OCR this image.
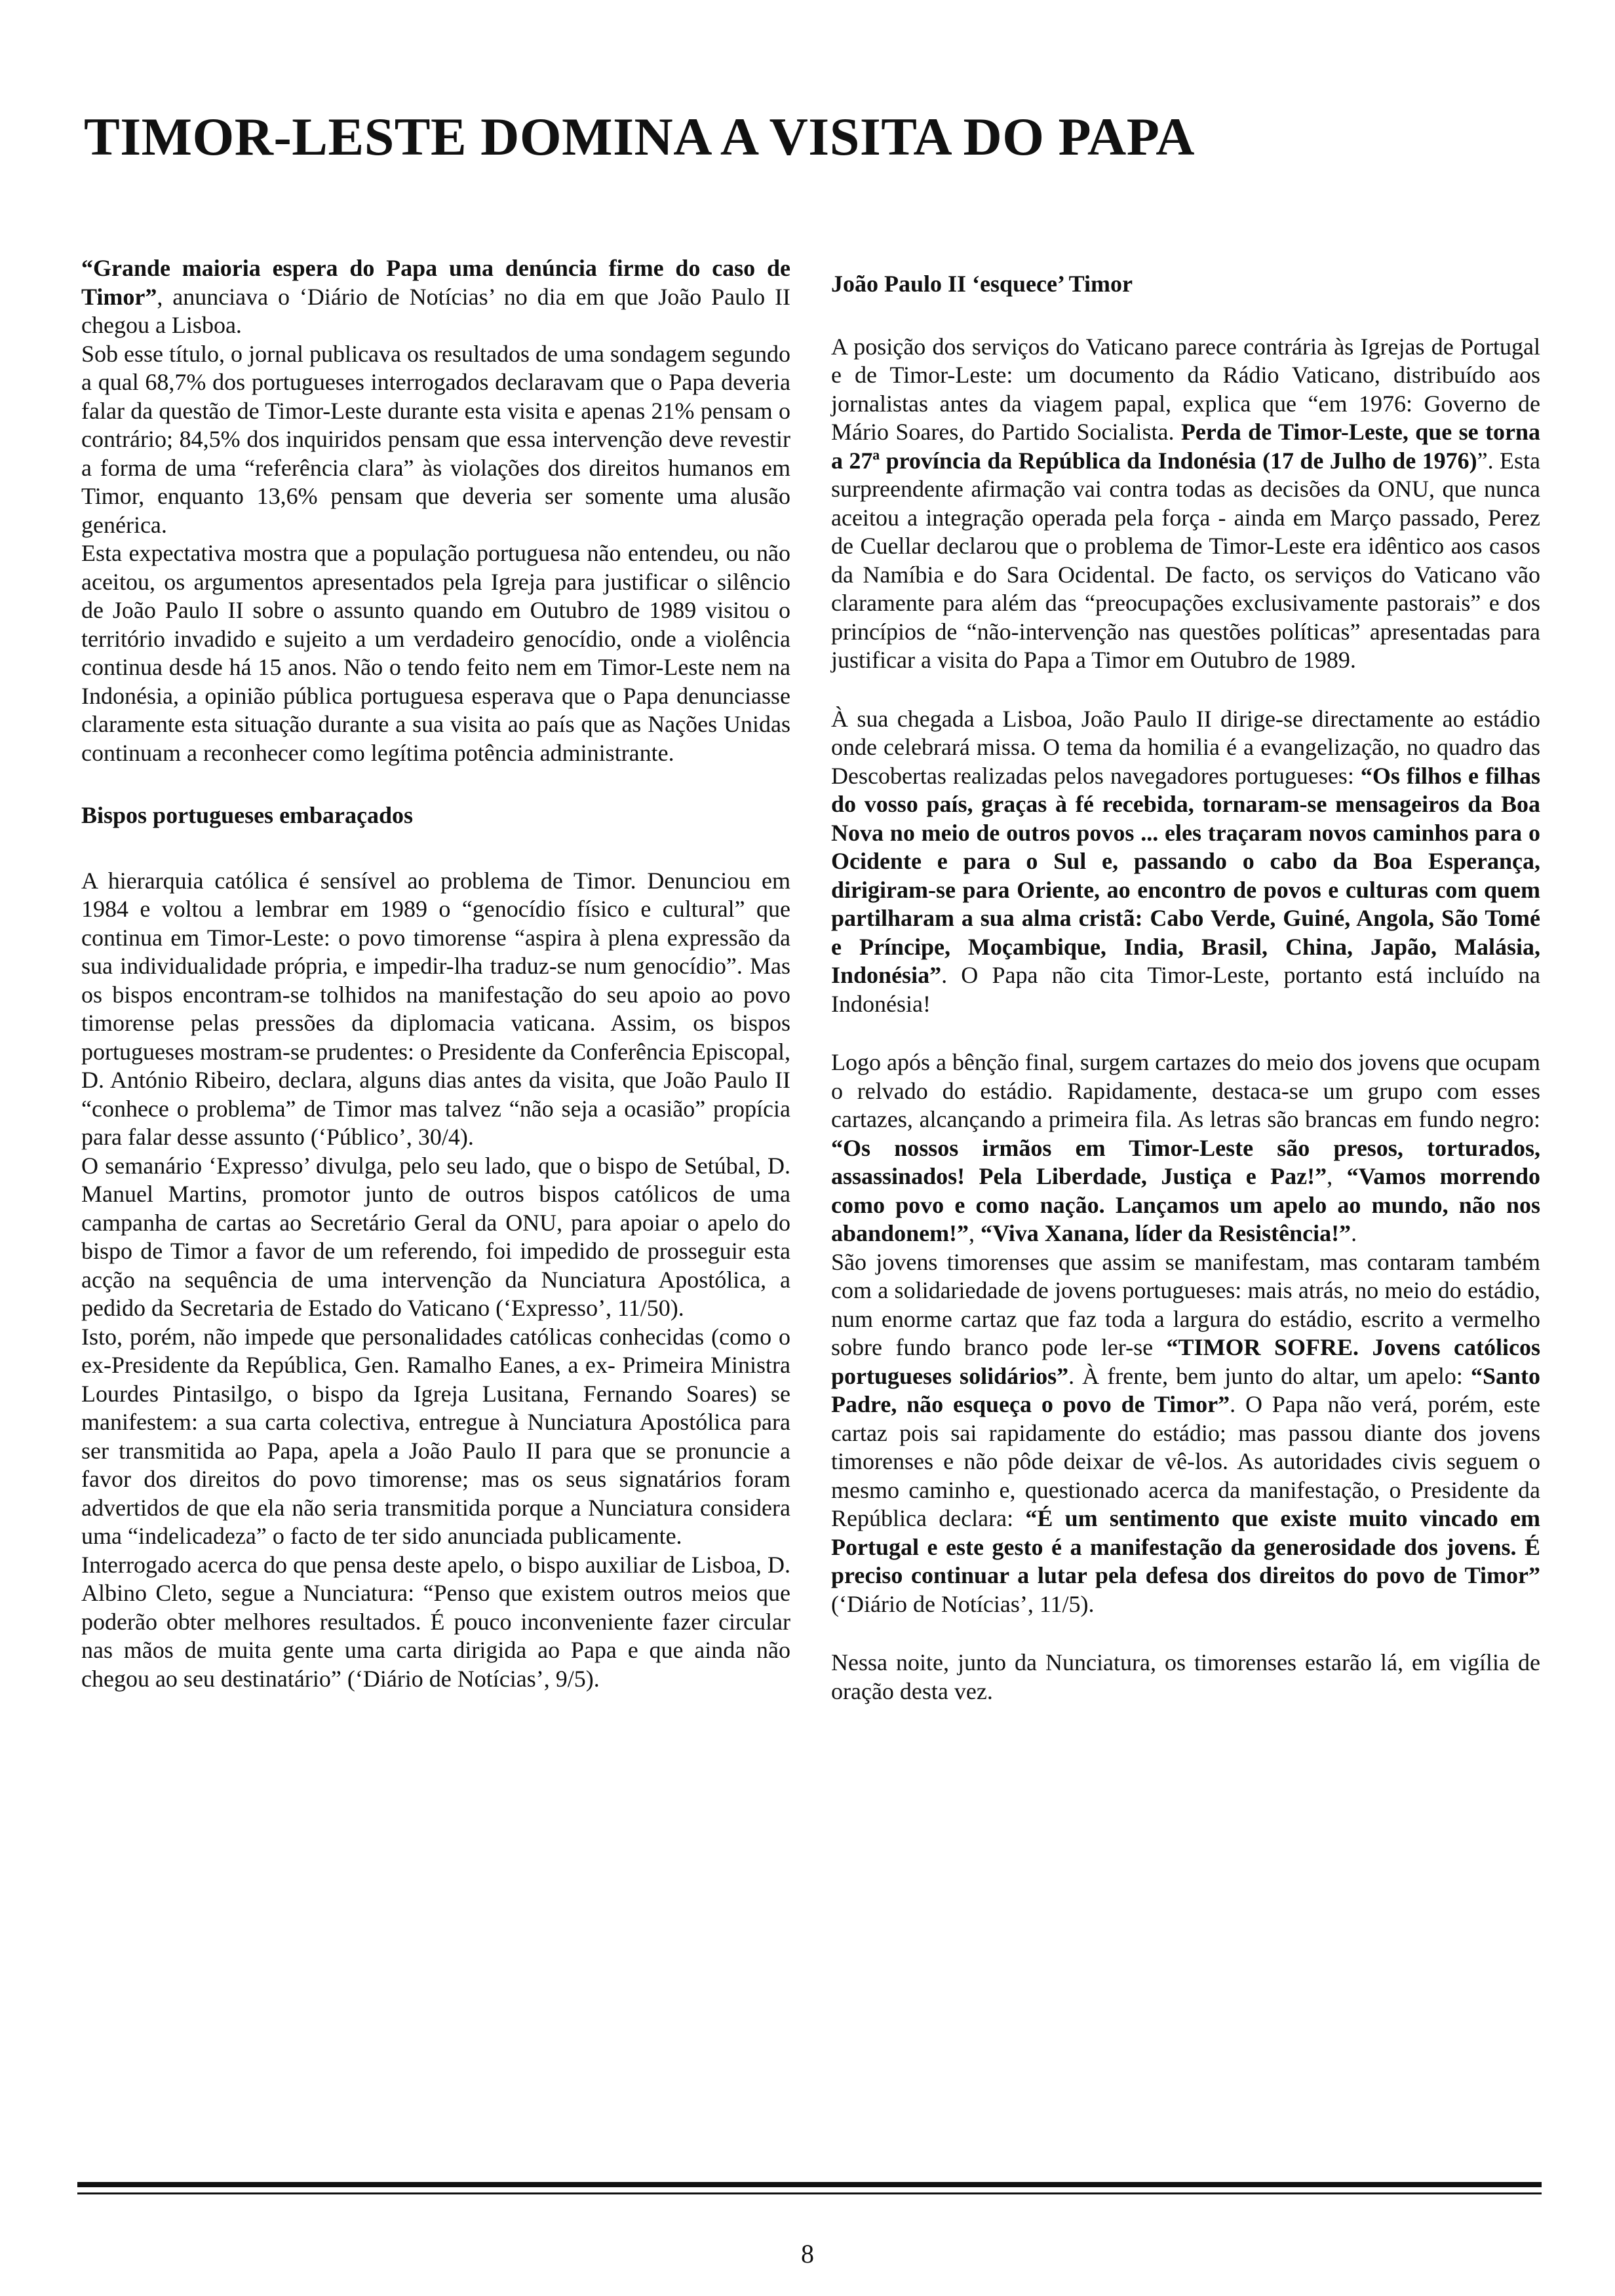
TIMOR-LESTE DOMINA A VISITA DO PAPA

“Grande maioria espera do Papa uma denúncia firme do caso de Timor”, anunciava o ‘Diário de Notícias’ no dia em que João Paulo II chegou a Lisboa.

Sob esse título, o jornal publicava os resultados de uma sondagem segundo a qual 68,7% dos portugueses interrogados declaravam que o Papa deveria falar da questão de Timor-Leste durante esta visita e apenas 21% pensam o contrário; 84,5% dos inquiridos pensam que essa intervenção deve revestir a forma de uma “referência clara” às violações dos direitos humanos em Timor, enquanto 13,6% pensam que deveria ser somente uma alusão genérica.

Esta expectativa mostra que a população portuguesa não entendeu, ou não aceitou, os argumentos apresentados pela Igreja para justificar o silêncio de João Paulo II sobre o assunto quando em Outubro de 1989 visitou o território invadido e sujeito a um verdadeiro genocídio, onde a violência continua desde há 15 anos. Não o tendo feito nem em Timor-Leste nem na Indonésia, a opinião pública portuguesa esperava que o Papa denunciasse claramente esta situação durante a sua visita ao país que as Nações Unidas continuam a reconhecer como legítima potência administrante.

Bispos portugueses embaraçados

A hierarquia católica é sensível ao problema de Timor. Denunciou em 1984 e voltou a lembrar em 1989 o “genocídio físico e cultural” que continua em Timor-Leste: o povo timorense “aspira à plena expressão da sua individualidade própria, e impedir-lha traduz-se num genocídio”. Mas os bispos encontram-se tolhidos na manifestação do seu apoio ao povo timorense pelas pressões da diplomacia vaticana. Assim, os bispos portugueses mostram-se prudentes: o Presidente da Conferência Episcopal, D. António Ribeiro, declara, alguns dias antes da visita, que João Paulo II “conhece o problema” de Timor mas talvez “não seja a ocasião” propícia para falar desse assunto (‘Público’, 30/4).

O semanário ‘Expresso’ divulga, pelo seu lado, que o bispo de Setúbal, D. Manuel Martins, promotor junto de outros bispos católicos de uma campanha de cartas ao Secretário Geral da ONU, para apoiar o apelo do bispo de Timor a favor de um referendo, foi impedido de prosseguir esta acção na sequência de uma intervenção da Nunciatura Apostólica, a pedido da Secretaria de Estado do Vaticano (‘Expresso’, 11/50).

Isto, porém, não impede que personalidades católicas conhecidas (como o ex-Presidente da República, Gen. Ramalho Eanes, a ex- Primeira Ministra Lourdes Pintasilgo, o bispo da Igreja Lusitana, Fernando Soares) se manifestem: a sua carta colectiva, entregue à Nunciatura Apostólica para ser transmitida ao Papa, apela a João Paulo II para que se pronuncie a favor dos direitos do povo timorense; mas os seus signatários foram advertidos de que ela não seria transmitida porque a Nunciatura considera uma “indelicadeza” o facto de ter sido anunciada publicamente.

Interrogado acerca do que pensa deste apelo, o bispo auxiliar de Lisboa, D. Albino Cleto, segue a Nunciatura: “Penso que existem outros meios que poderão obter melhores resultados. É pouco inconveniente fazer circular nas mãos de muita gente uma carta dirigida ao Papa e que ainda não chegou ao seu destinatário” (‘Diário de Notícias’, 9/5).

João Paulo II ‘esquece’ Timor

A posição dos serviços do Vaticano parece contrária às Igrejas de Portugal e de Timor-Leste: um documento da Rádio Vaticano, distribuído aos jornalistas antes da viagem papal, explica que “em 1976: Governo de Mário Soares, do Partido Socialista. Perda de Timor-Leste, que se torna a 27ª província da República da Indonésia (17 de Julho de 1976)”. Esta surpreendente afirmação vai contra todas as decisões da ONU, que nunca aceitou a integração operada pela força - ainda em Março passado, Perez de Cuellar declarou que o problema de Timor-Leste era idêntico aos casos da Namíbia e do Sara Ocidental. De facto, os serviços do Vaticano vão claramente para além das “preocupações exclusivamente pastorais” e dos princípios de “não-intervenção nas questões políticas” apresentadas para justificar a visita do Papa a Timor em Outubro de 1989.

À sua chegada a Lisboa, João Paulo II dirige-se directamente ao estádio onde celebrará missa. O tema da homilia é a evangelização, no quadro das Descobertas realizadas pelos navegadores portugueses: “Os filhos e filhas do vosso país, graças à fé recebida, tornaram-se mensageiros da Boa Nova no meio de outros povos ... eles traçaram novos caminhos para o Ocidente e para o Sul e, passando o cabo da Boa Esperança, dirigiram-se para Oriente, ao encontro de povos e culturas com quem partilharam a sua alma cristã: Cabo Verde, Guiné, Angola, São Tomé e Príncipe, Moçambique, India, Brasil, China, Japão, Malásia, Indonésia”. O Papa não cita Timor-Leste, portanto está incluído na Indonésia!

Logo após a bênção final, surgem cartazes do meio dos jovens que ocupam o relvado do estádio. Rapidamente, destaca-se um grupo com esses cartazes, alcançando a primeira fila. As letras são brancas em fundo negro: “Os nossos irmãos em Timor-Leste são presos, torturados, assassinados! Pela Liberdade, Justiça e Paz!”, “Vamos morrendo como povo e como nação. Lançamos um apelo ao mundo, não nos abandonem!”, “Viva Xanana, líder da Resistência!”.

São jovens timorenses que assim se manifestam, mas contaram também com a solidariedade de jovens portugueses: mais atrás, no meio do estádio, num enorme cartaz que faz toda a largura do estádio, escrito a vermelho sobre fundo branco pode ler-se “TIMOR SOFRE. Jovens católicos portugueses solidários”. À frente, bem junto do altar, um apelo: “Santo Padre, não esqueça o povo de Timor”. O Papa não verá, porém, este cartaz pois sai rapidamente do estádio; mas passou diante dos jovens timorenses e não pôde deixar de vê-los. As autoridades civis seguem o mesmo caminho e, questionado acerca da manifestação, o Presidente da República declara: “É um sentimento que existe muito vincado em Portugal e este gesto é a manifestação da generosidade dos jovens. É preciso continuar a lutar pela defesa dos direitos do povo de Timor” (‘Diário de Notícias’, 11/5).

Nessa noite, junto da Nunciatura, os timorenses estarão lá, em vigília de oração desta vez.

8
